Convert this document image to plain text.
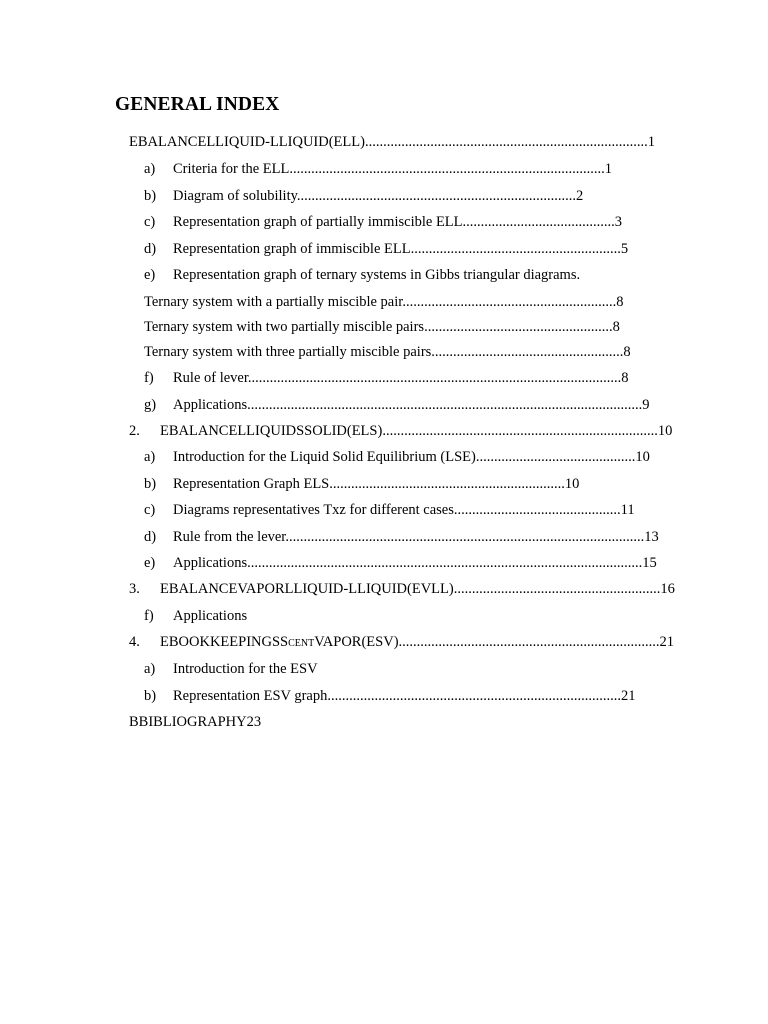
GENERAL INDEX
EBALANCELLIQUID-LLIQUID(ELL)..............................................................................1
a) Criteria for the ELL.......................................................................................1
b) Diagram of solubility.............................................................................2
c) Representation graph of partially immiscible ELL..........................................3
d) Representation graph of immiscible ELL..........................................................5
e) Representation graph of ternary systems in Gibbs triangular diagrams.
Ternary system with a partially miscible pair...........................................................8
Ternary system with two partially miscible pairs....................................................8
Ternary system with three partially miscible pairs.....................................................8
f) Rule of lever.......................................................................................................8
g) Applications.............................................................................................................9
2. EBALANCELLIQUIDSSOLID(ELS)............................................................................10
a) Introduction for the Liquid Solid Equilibrium (LSE)............................................10
b) Representation Graph ELS.................................................................10
c) Diagrams representatives Txz for different cases..............................................11
d) Rule from the lever...................................................................................................13
e) Applications.............................................................................................................15
3. EBALANCEVAPORLLIQUID-LLIQUID(EVLL).........................................................16
f) Applications
4. EBOOKKEEPINGSScentVAPOR(ESV)........................................................................21
a) Introduction for the ESV
b) Representation ESV graph.................................................................................21
BBIBLIOGRAPHY23
